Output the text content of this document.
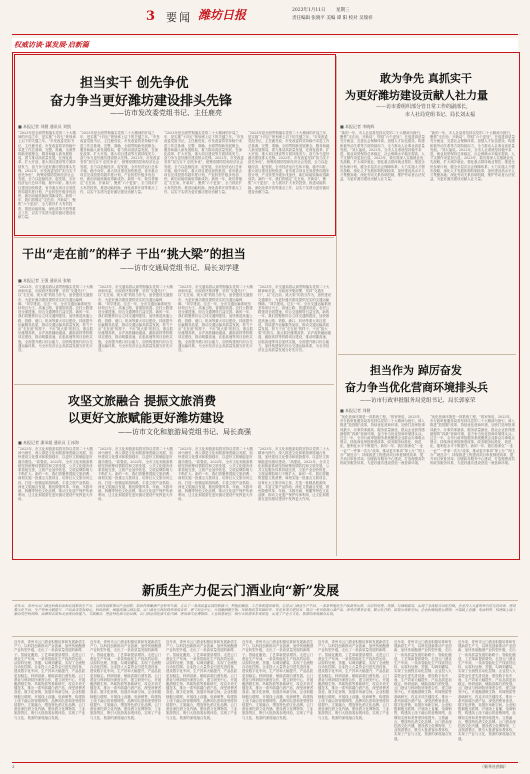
3 要闻 潍坊日报	2023年1月11日 星期三
责任编辑 张晓平 美编 谭 阳 校对 吴瑞祥
权威访谈·谋发展·启新篇
担当实干 创先争优
奋力争当更好潍坊建设排头先锋
——访市发改委党组书记、主任鹿亮
■ 本报记者 刘健 通讯员 刘凯
“2023年是全面贯彻落实党的二十大精神的开局之年，是实施“十四五”规划承上启下的关键之年。”市发改委党组书记、主任鹿亮说，市发改委将坚持稳中求进工作总基调，完整、准确、全面贯彻新发展理念，服务和融入新发展格局，着力推动高质量发展，在深化改革、扩大开放、重大项目建设等方面持续发力，奋力争当更好潍坊建设排头先锋。2022年，市发改委坚持“担当实干 创先争优”，统筹疫情防控和经济社会发展，全力以赴稳经济、促发展，全市经济运行总体平稳、稳中向好。重大项目建设加快推进，省市重点项目完成投资均超年度计划，产业转型升级步伐加快，新旧动能转换取得新成效。新的一年，我们将锚定“走在前、开新局”，聚焦“六个更加”，全力抓好扩大有效投资、推进动能转换、深化改革开放等重点工作，以实干实绩为更好潍坊建设贡献力量。
“2023年是全面贯彻落实党的二十大精神的开局之年，是实施“十四五”规划承上启下的关键之年。”市发改委党组书记、主任鹿亮说，市发改委将坚持稳中求进工作总基调，完整、准确、全面贯彻新发展理念，服务和融入新发展格局，着力推动高质量发展，在深化改革、扩大开放、重大项目建设等方面持续发力，奋力争当更好潍坊建设排头先锋。2022年，市发改委坚持“担当实干 创先争优”，统筹疫情防控和经济社会发展，全力以赴稳经济、促发展，全市经济运行总体平稳、稳中向好。重大项目建设加快推进，省市重点项目完成投资均超年度计划，产业转型升级步伐加快，新旧动能转换取得新成效。新的一年，我们将锚定“走在前、开新局”，聚焦“六个更加”，全力抓好扩大有效投资、推进动能转换、深化改革开放等重点工作，以实干实绩为更好潍坊建设贡献力量。
“2023年是全面贯彻落实党的二十大精神的开局之年，是实施“十四五”规划承上启下的关键之年。”市发改委党组书记、主任鹿亮说，市发改委将坚持稳中求进工作总基调，完整、准确、全面贯彻新发展理念，服务和融入新发展格局，着力推动高质量发展，在深化改革、扩大开放、重大项目建设等方面持续发力，奋力争当更好潍坊建设排头先锋。2022年，市发改委坚持“担当实干 创先争优”，统筹疫情防控和经济社会发展，全力以赴稳经济、促发展，全市经济运行总体平稳、稳中向好。重大项目建设加快推进，省市重点项目完成投资均超年度计划，产业转型升级步伐加快，新旧动能转换取得新成效。新的一年，我们将锚定“走在前、开新局”，聚焦“六个更加”，全力抓好扩大有效投资、推进动能转换、深化改革开放等重点工作，以实干实绩为更好潍坊建设贡献力量。
“2023年是全面贯彻落实党的二十大精神的开局之年，是实施“十四五”规划承上启下的关键之年。”市发改委党组书记、主任鹿亮说，市发改委将坚持稳中求进工作总基调，完整、准确、全面贯彻新发展理念，服务和融入新发展格局，着力推动高质量发展，在深化改革、扩大开放、重大项目建设等方面持续发力，奋力争当更好潍坊建设排头先锋。2022年，市发改委坚持“担当实干 创先争优”，统筹疫情防控和经济社会发展，全力以赴稳经济、促发展，全市经济运行总体平稳、稳中向好。重大项目建设加快推进，省市重点项目完成投资均超年度计划，产业转型升级步伐加快，新旧动能转换取得新成效。新的一年，我们将锚定“走在前、开新局”，聚焦“六个更加”，全力抓好扩大有效投资、推进动能转换、深化改革开放等重点工作，以实干实绩为更好潍坊建设贡献力量。
敢为争先 真抓实干
为更好潍坊建设贡献人社力量
——访市委组织部分管日常工作的副部长，
市人社局党组书记、局长刘太福
■ 本报记者 李晓辉
“新的一年，市人社局将坚持以党的二十大精神为指引，聚焦“走在前、开新局”，围绕“六个更加”，在促进高质量充分就业、完善社会保障体系、加强人才队伍建设、构建和谐劳动关系等方面持续用力，全力推动人社事业高质量发展。”刘太福说。2022年，全市人社系统坚持稳中求进，就业局势保持总体稳定，社会保障水平稳步提高，人才支撑作用更加凸显。2023年，我们将深入实施就业优先战略，扩大城乡就业，强化重点群体就业帮扶；推进全民参保计划，健全多层次社会保障体系；大力实施人才强市战略，深化人才发展体制机制改革，加快建设高水平人才集聚高地；深化劳动关系协调机制，维护劳动者合法权益，为更好潍坊建设贡献人社力量。
“新的一年，市人社局将坚持以党的二十大精神为指引，聚焦“走在前、开新局”，围绕“六个更加”，在促进高质量充分就业、完善社会保障体系、加强人才队伍建设、构建和谐劳动关系等方面持续用力，全力推动人社事业高质量发展。”刘太福说。2022年，全市人社系统坚持稳中求进，就业局势保持总体稳定，社会保障水平稳步提高，人才支撑作用更加凸显。2023年，我们将深入实施就业优先战略，扩大城乡就业，强化重点群体就业帮扶；推进全民参保计划，健全多层次社会保障体系；大力实施人才强市战略，深化人才发展体制机制改革，加快建设高水平人才集聚高地；深化劳动关系协调机制，维护劳动者合法权益，为更好潍坊建设贡献人社力量。
干出“走在前”的样子 干出“挑大梁”的担当
——访市交通局党组书记、局长刘学建
■ 本报记者 王强 通讯员 张敏
“2023年，市交通局将认真贯彻落实党的二十大精神和市委、市政府决策部署，坚持“交通先行”，以“走在前、挑大梁”的担当作为，加快建设交通强市，为更好潍坊建设提供坚实的交通运输保障。”刘学建说。过去一年，全市交通运输系统坚持项目为王，高速公路、普通国省道、农村公路建设全面提速，综合交通网络日益完善。新的一年，我们将聚焦综合立体交通网建设，加快推进高速公路、铁路、港口、机场等重大项目建设，持续提升运输服务品质，推动交通运输高质量发展，努力干出“走在前”的样子、干出“挑大梁”的担当。重点抓好潍烟高铁、京沪高铁辅助通道、潍宿高铁等铁路项目建设，推动明董高速、沾临高速等项目加快实施，全面提升港口综合能力，加快构建现代综合交通运输体系，为全市经济社会高质量发展当好先行官。
“2023年，市交通局将认真贯彻落实党的二十大精神和市委、市政府决策部署，坚持“交通先行”，以“走在前、挑大梁”的担当作为，加快建设交通强市，为更好潍坊建设提供坚实的交通运输保障。”刘学建说。过去一年，全市交通运输系统坚持项目为王，高速公路、普通国省道、农村公路建设全面提速，综合交通网络日益完善。新的一年，我们将聚焦综合立体交通网建设，加快推进高速公路、铁路、港口、机场等重大项目建设，持续提升运输服务品质，推动交通运输高质量发展，努力干出“走在前”的样子、干出“挑大梁”的担当。重点抓好潍烟高铁、京沪高铁辅助通道、潍宿高铁等铁路项目建设，推动明董高速、沾临高速等项目加快实施，全面提升港口综合能力，加快构建现代综合交通运输体系，为全市经济社会高质量发展当好先行官。
“2023年，市交通局将认真贯彻落实党的二十大精神和市委、市政府决策部署，坚持“交通先行”，以“走在前、挑大梁”的担当作为，加快建设交通强市，为更好潍坊建设提供坚实的交通运输保障。”刘学建说。过去一年，全市交通运输系统坚持项目为王，高速公路、普通国省道、农村公路建设全面提速，综合交通网络日益完善。新的一年，我们将聚焦综合立体交通网建设，加快推进高速公路、铁路、港口、机场等重大项目建设，持续提升运输服务品质，推动交通运输高质量发展，努力干出“走在前”的样子、干出“挑大梁”的担当。重点抓好潍烟高铁、京沪高铁辅助通道、潍宿高铁等铁路项目建设，推动明董高速、沾临高速等项目加快实施，全面提升港口综合能力，加快构建现代综合交通运输体系，为全市经济社会高质量发展当好先行官。
“2023年，市交通局将认真贯彻落实党的二十大精神和市委、市政府决策部署，坚持“交通先行”，以“走在前、挑大梁”的担当作为，加快建设交通强市，为更好潍坊建设提供坚实的交通运输保障。”刘学建说。过去一年，全市交通运输系统坚持项目为王，高速公路、普通国省道、农村公路建设全面提速，综合交通网络日益完善。新的一年，我们将聚焦综合立体交通网建设，加快推进高速公路、铁路、港口、机场等重大项目建设，持续提升运输服务品质，推动交通运输高质量发展，努力干出“走在前”的样子、干出“挑大梁”的担当。重点抓好潍烟高铁、京沪高铁辅助通道、潍宿高铁等铁路项目建设，推动明董高速、沾临高速等项目加快实施，全面提升港口综合能力，加快构建现代综合交通运输体系，为全市经济社会高质量发展当好先行官。
攻坚文旅融合 提振文旅消费
以更好文旅赋能更好潍坊建设
——访市文化和旅游局党组书记、局长高强
■ 本报记者 潘承超 通讯员 王冰海
“2023年，市文化和旅游局将坚持以党的二十大精神为指引，深入推进文化和旅游深度融合发展，加快建设文化强市和旅游强市，以更好文旅赋能更好潍坊建设。”高强说。2022年，全市文化和旅游系统坚持统筹疫情防控和文旅发展，公共文化服务体系持续完善，文旅产业加快恢复，文旅品牌影响力不断扩大。新的一年，我们将聚焦提振文旅消费，谋划实施一批重点文旅项目，培育壮大文旅市场主体，打造一批精品旅游线路，丰富文旅产品供给；深化文旅融合发展，做优做强风筝、年画、木版年画、核雕等特色文化品牌，推动文化遗产保护传承利用，让文化和旅游在更好潍坊建设中发挥更大作用。
“2023年，市文化和旅游局将坚持以党的二十大精神为指引，深入推进文化和旅游深度融合发展，加快建设文化强市和旅游强市，以更好文旅赋能更好潍坊建设。”高强说。2022年，全市文化和旅游系统坚持统筹疫情防控和文旅发展，公共文化服务体系持续完善，文旅产业加快恢复，文旅品牌影响力不断扩大。新的一年，我们将聚焦提振文旅消费，谋划实施一批重点文旅项目，培育壮大文旅市场主体，打造一批精品旅游线路，丰富文旅产品供给；深化文旅融合发展，做优做强风筝、年画、木版年画、核雕等特色文化品牌，推动文化遗产保护传承利用，让文化和旅游在更好潍坊建设中发挥更大作用。
“2023年，市文化和旅游局将坚持以党的二十大精神为指引，深入推进文化和旅游深度融合发展，加快建设文化强市和旅游强市，以更好文旅赋能更好潍坊建设。”高强说。2022年，全市文化和旅游系统坚持统筹疫情防控和文旅发展，公共文化服务体系持续完善，文旅产业加快恢复，文旅品牌影响力不断扩大。新的一年，我们将聚焦提振文旅消费，谋划实施一批重点文旅项目，培育壮大文旅市场主体，打造一批精品旅游线路，丰富文旅产品供给；深化文旅融合发展，做优做强风筝、年画、木版年画、核雕等特色文化品牌，推动文化遗产保护传承利用，让文化和旅游在更好潍坊建设中发挥更大作用。
“2023年，市文化和旅游局将坚持以党的二十大精神为指引，深入推进文化和旅游深度融合发展，加快建设文化强市和旅游强市，以更好文旅赋能更好潍坊建设。”高强说。2022年，全市文化和旅游系统坚持统筹疫情防控和文旅发展，公共文化服务体系持续完善，文旅产业加快恢复，文旅品牌影响力不断扩大。新的一年，我们将聚焦提振文旅消费，谋划实施一批重点文旅项目，培育壮大文旅市场主体，打造一批精品旅游线路，丰富文旅产品供给；深化文旅融合发展，做优做强风筝、年画、木版年画、核雕等特色文化品牌，推动文化遗产保护传承利用，让文化和旅游在更好潍坊建设中发挥更大作用。
担当作为 踔厉奋发
奋力争当优化营商环境排头兵
——访市行政审批服务局党组书记、局长郭家荣
■ 本报记者 刘健
“优化营商环境是一项系统工程。”郭家荣说，2023年，市行政审批服务局将坚持以党的二十大精神为指引，深入推进“放管服”改革，持续优化营商环境，加快打造审批事项最少、办事效率最高、服务质量最优、群众企业获得感最强的“四最”营商环境，奋力争当优化营商环境排头兵。过去一年，全市行政审批服务系统聚焦企业群众办事难点堵点，持续深化审批制度改革，政务服务标准化、规范化、便利化水平不断提升。新的一年，我们将深化“一业一证”“一件事一次办”改革，推动更多事项“掌上办”“网上办”“就近办”；持续推进工程建设项目审批制度改革，提升项目审批效率；加强政务服务中心建设，打造便捷高效的政务服务体系，为更好潍坊建设营造一流营商环境。
“优化营商环境是一项系统工程。”郭家荣说，2023年，市行政审批服务局将坚持以党的二十大精神为指引，深入推进“放管服”改革，持续优化营商环境，加快打造审批事项最少、办事效率最高、服务质量最优、群众企业获得感最强的“四最”营商环境，奋力争当优化营商环境排头兵。过去一年，全市行政审批服务系统聚焦企业群众办事难点堵点，持续深化审批制度改革，政务服务标准化、规范化、便利化水平不断提升。新的一年，我们将深化“一业一证”“一件事一次办”改革，推动更多事项“掌上办”“网上办”“就近办”；持续推进工程建设项目审批制度改革，提升项目审批效率；加强政务服务中心建设，打造便捷高效的政务服务体系，为更好潍坊建设营造一流营商环境。
新质生产力促云门酒业向“新”发展
近年来，青州市云门酒业积极培育和发展新质生产力，以科技创新推动产业创新，加快传统酿酒产业转型升级，走出了一条高质量发展的新路子。智能化酿造，工艺革新提质增效。走进云门酒业生产车间，一条条智能化生产线高效运转，从原料处理、蒸馏、勾调到灌装，实现了全流程自动化控制。企业投入大量资金引进先进设备，建设数字化车间，生产效率大幅提升，产品品质更加稳定。科研创新，赋能高端白酒发展。云门酒业与科研院所深度合作，建立研发中心，开展酿酒微生物、风味物质等基础研究，攻克多项关键技术，推出一系列高端白酒产品，深受消费者喜爱。数字化营销，拓展市场新空间。企业积极拥抱互联网，开展线上直播、电商销售，构建线上线下融合的营销网络，品牌知名度和美誉度持续提升。文旅融合，塑造特色酒文化品牌。云门酒业深挖酒文化内涵，建设酒文化博物馆、工业旅游景区，吸引大批游客参观体验，实现了产业与文化、旅游的深度融合发展。
近年来，青州市云门酒业积极培育和发展新质生产力，以科技创新推动产业创新，加快传统酿酒产业转型升级，走出了一条高质量发展的新路子。智能化酿造，工艺革新提质增效。走进云门酒业生产车间，一条条智能化生产线高效运转，从原料处理、蒸馏、勾调到灌装，实现了全流程自动化控制。企业投入大量资金引进先进设备，建设数字化车间，生产效率大幅提升，产品品质更加稳定。科研创新，赋能高端白酒发展。云门酒业与科研院所深度合作，建立研发中心，开展酿酒微生物、风味物质等基础研究，攻克多项关键技术，推出一系列高端白酒产品，深受消费者喜爱。数字化营销，拓展市场新空间。企业积极拥抱互联网，开展线上直播、电商销售，构建线上线下融合的营销网络，品牌知名度和美誉度持续提升。文旅融合，塑造特色酒文化品牌。云门酒业深挖酒文化内涵，建设酒文化博物馆、工业旅游景区，吸引大批游客参观体验，实现了产业与文化、旅游的深度融合发展。
近年来，青州市云门酒业积极培育和发展新质生产力，以科技创新推动产业创新，加快传统酿酒产业转型升级，走出了一条高质量发展的新路子。智能化酿造，工艺革新提质增效。走进云门酒业生产车间，一条条智能化生产线高效运转，从原料处理、蒸馏、勾调到灌装，实现了全流程自动化控制。企业投入大量资金引进先进设备，建设数字化车间，生产效率大幅提升，产品品质更加稳定。科研创新，赋能高端白酒发展。云门酒业与科研院所深度合作，建立研发中心，开展酿酒微生物、风味物质等基础研究，攻克多项关键技术，推出一系列高端白酒产品，深受消费者喜爱。数字化营销，拓展市场新空间。企业积极拥抱互联网，开展线上直播、电商销售，构建线上线下融合的营销网络，品牌知名度和美誉度持续提升。文旅融合，塑造特色酒文化品牌。云门酒业深挖酒文化内涵，建设酒文化博物馆、工业旅游景区，吸引大批游客参观体验，实现了产业与文化、旅游的深度融合发展。
近年来，青州市云门酒业积极培育和发展新质生产力，以科技创新推动产业创新，加快传统酿酒产业转型升级，走出了一条高质量发展的新路子。智能化酿造，工艺革新提质增效。走进云门酒业生产车间，一条条智能化生产线高效运转，从原料处理、蒸馏、勾调到灌装，实现了全流程自动化控制。企业投入大量资金引进先进设备，建设数字化车间，生产效率大幅提升，产品品质更加稳定。科研创新，赋能高端白酒发展。云门酒业与科研院所深度合作，建立研发中心，开展酿酒微生物、风味物质等基础研究，攻克多项关键技术，推出一系列高端白酒产品，深受消费者喜爱。数字化营销，拓展市场新空间。企业积极拥抱互联网，开展线上直播、电商销售，构建线上线下融合的营销网络，品牌知名度和美誉度持续提升。文旅融合，塑造特色酒文化品牌。云门酒业深挖酒文化内涵，建设酒文化博物馆、工业旅游景区，吸引大批游客参观体验，实现了产业与文化、旅游的深度融合发展。
近年来，青州市云门酒业积极培育和发展新质生产力，以科技创新推动产业创新，加快传统酿酒产业转型升级，走出了一条高质量发展的新路子。智能化酿造，工艺革新提质增效。走进云门酒业生产车间，一条条智能化生产线高效运转，从原料处理、蒸馏、勾调到灌装，实现了全流程自动化控制。企业投入大量资金引进先进设备，建设数字化车间，生产效率大幅提升，产品品质更加稳定。科研创新，赋能高端白酒发展。云门酒业与科研院所深度合作，建立研发中心，开展酿酒微生物、风味物质等基础研究，攻克多项关键技术，推出一系列高端白酒产品，深受消费者喜爱。数字化营销，拓展市场新空间。企业积极拥抱互联网，开展线上直播、电商销售，构建线上线下融合的营销网络，品牌知名度和美誉度持续提升。文旅融合，塑造特色酒文化品牌。云门酒业深挖酒文化内涵，建设酒文化博物馆、工业旅游景区，吸引大批游客参观体验，实现了产业与文化、旅游的深度融合发展。
近年来，青州市云门酒业积极培育和发展新质生产力，以科技创新推动产业创新，加快传统酿酒产业转型升级，走出了一条高质量发展的新路子。智能化酿造，工艺革新提质增效。走进云门酒业生产车间，一条条智能化生产线高效运转，从原料处理、蒸馏、勾调到灌装，实现了全流程自动化控制。企业投入大量资金引进先进设备，建设数字化车间，生产效率大幅提升，产品品质更加稳定。科研创新，赋能高端白酒发展。云门酒业与科研院所深度合作，建立研发中心，开展酿酒微生物、风味物质等基础研究，攻克多项关键技术，推出一系列高端白酒产品，深受消费者喜爱。数字化营销，拓展市场新空间。企业积极拥抱互联网，开展线上直播、电商销售，构建线上线下融合的营销网络，品牌知名度和美誉度持续提升。文旅融合，塑造特色酒文化品牌。云门酒业深挖酒文化内涵，建设酒文化博物馆、工业旅游景区，吸引大批游客参观体验，实现了产业与文化、旅游的深度融合发展。
近年来，青州市云门酒业积极培育和发展新质生产力，以科技创新推动产业创新，加快传统酿酒产业转型升级，走出了一条高质量发展的新路子。智能化酿造，工艺革新提质增效。走进云门酒业生产车间，一条条智能化生产线高效运转，从原料处理、蒸馏、勾调到灌装，实现了全流程自动化控制。企业投入大量资金引进先进设备，建设数字化车间，生产效率大幅提升，产品品质更加稳定。科研创新，赋能高端白酒发展。云门酒业与科研院所深度合作，建立研发中心，开展酿酒微生物、风味物质等基础研究，攻克多项关键技术，推出一系列高端白酒产品，深受消费者喜爱。数字化营销，拓展市场新空间。企业积极拥抱互联网，开展线上直播、电商销售，构建线上线下融合的营销网络，品牌知名度和美誉度持续提升。文旅融合，塑造特色酒文化品牌。云门酒业深挖酒文化内涵，建设酒文化博物馆、工业旅游景区，吸引大批游客参观体验，实现了产业与文化、旅游的深度融合发展。
近年来，青州市云门酒业积极培育和发展新质生产力，以科技创新推动产业创新，加快传统酿酒产业转型升级，走出了一条高质量发展的新路子。智能化酿造，工艺革新提质增效。走进云门酒业生产车间，一条条智能化生产线高效运转，从原料处理、蒸馏、勾调到灌装，实现了全流程自动化控制。企业投入大量资金引进先进设备，建设数字化车间，生产效率大幅提升，产品品质更加稳定。科研创新，赋能高端白酒发展。云门酒业与科研院所深度合作，建立研发中心，开展酿酒微生物、风味物质等基础研究，攻克多项关键技术，推出一系列高端白酒产品，深受消费者喜爱。数字化营销，拓展市场新空间。企业积极拥抱互联网，开展线上直播、电商销售，构建线上线下融合的营销网络，品牌知名度和美誉度持续提升。文旅融合，塑造特色酒文化品牌。云门酒业深挖酒文化内涵，建设酒文化博物馆、工业旅游景区，吸引大批游客参观体验，实现了产业与文化、旅游的深度融合发展。
3	（新华社供稿）
